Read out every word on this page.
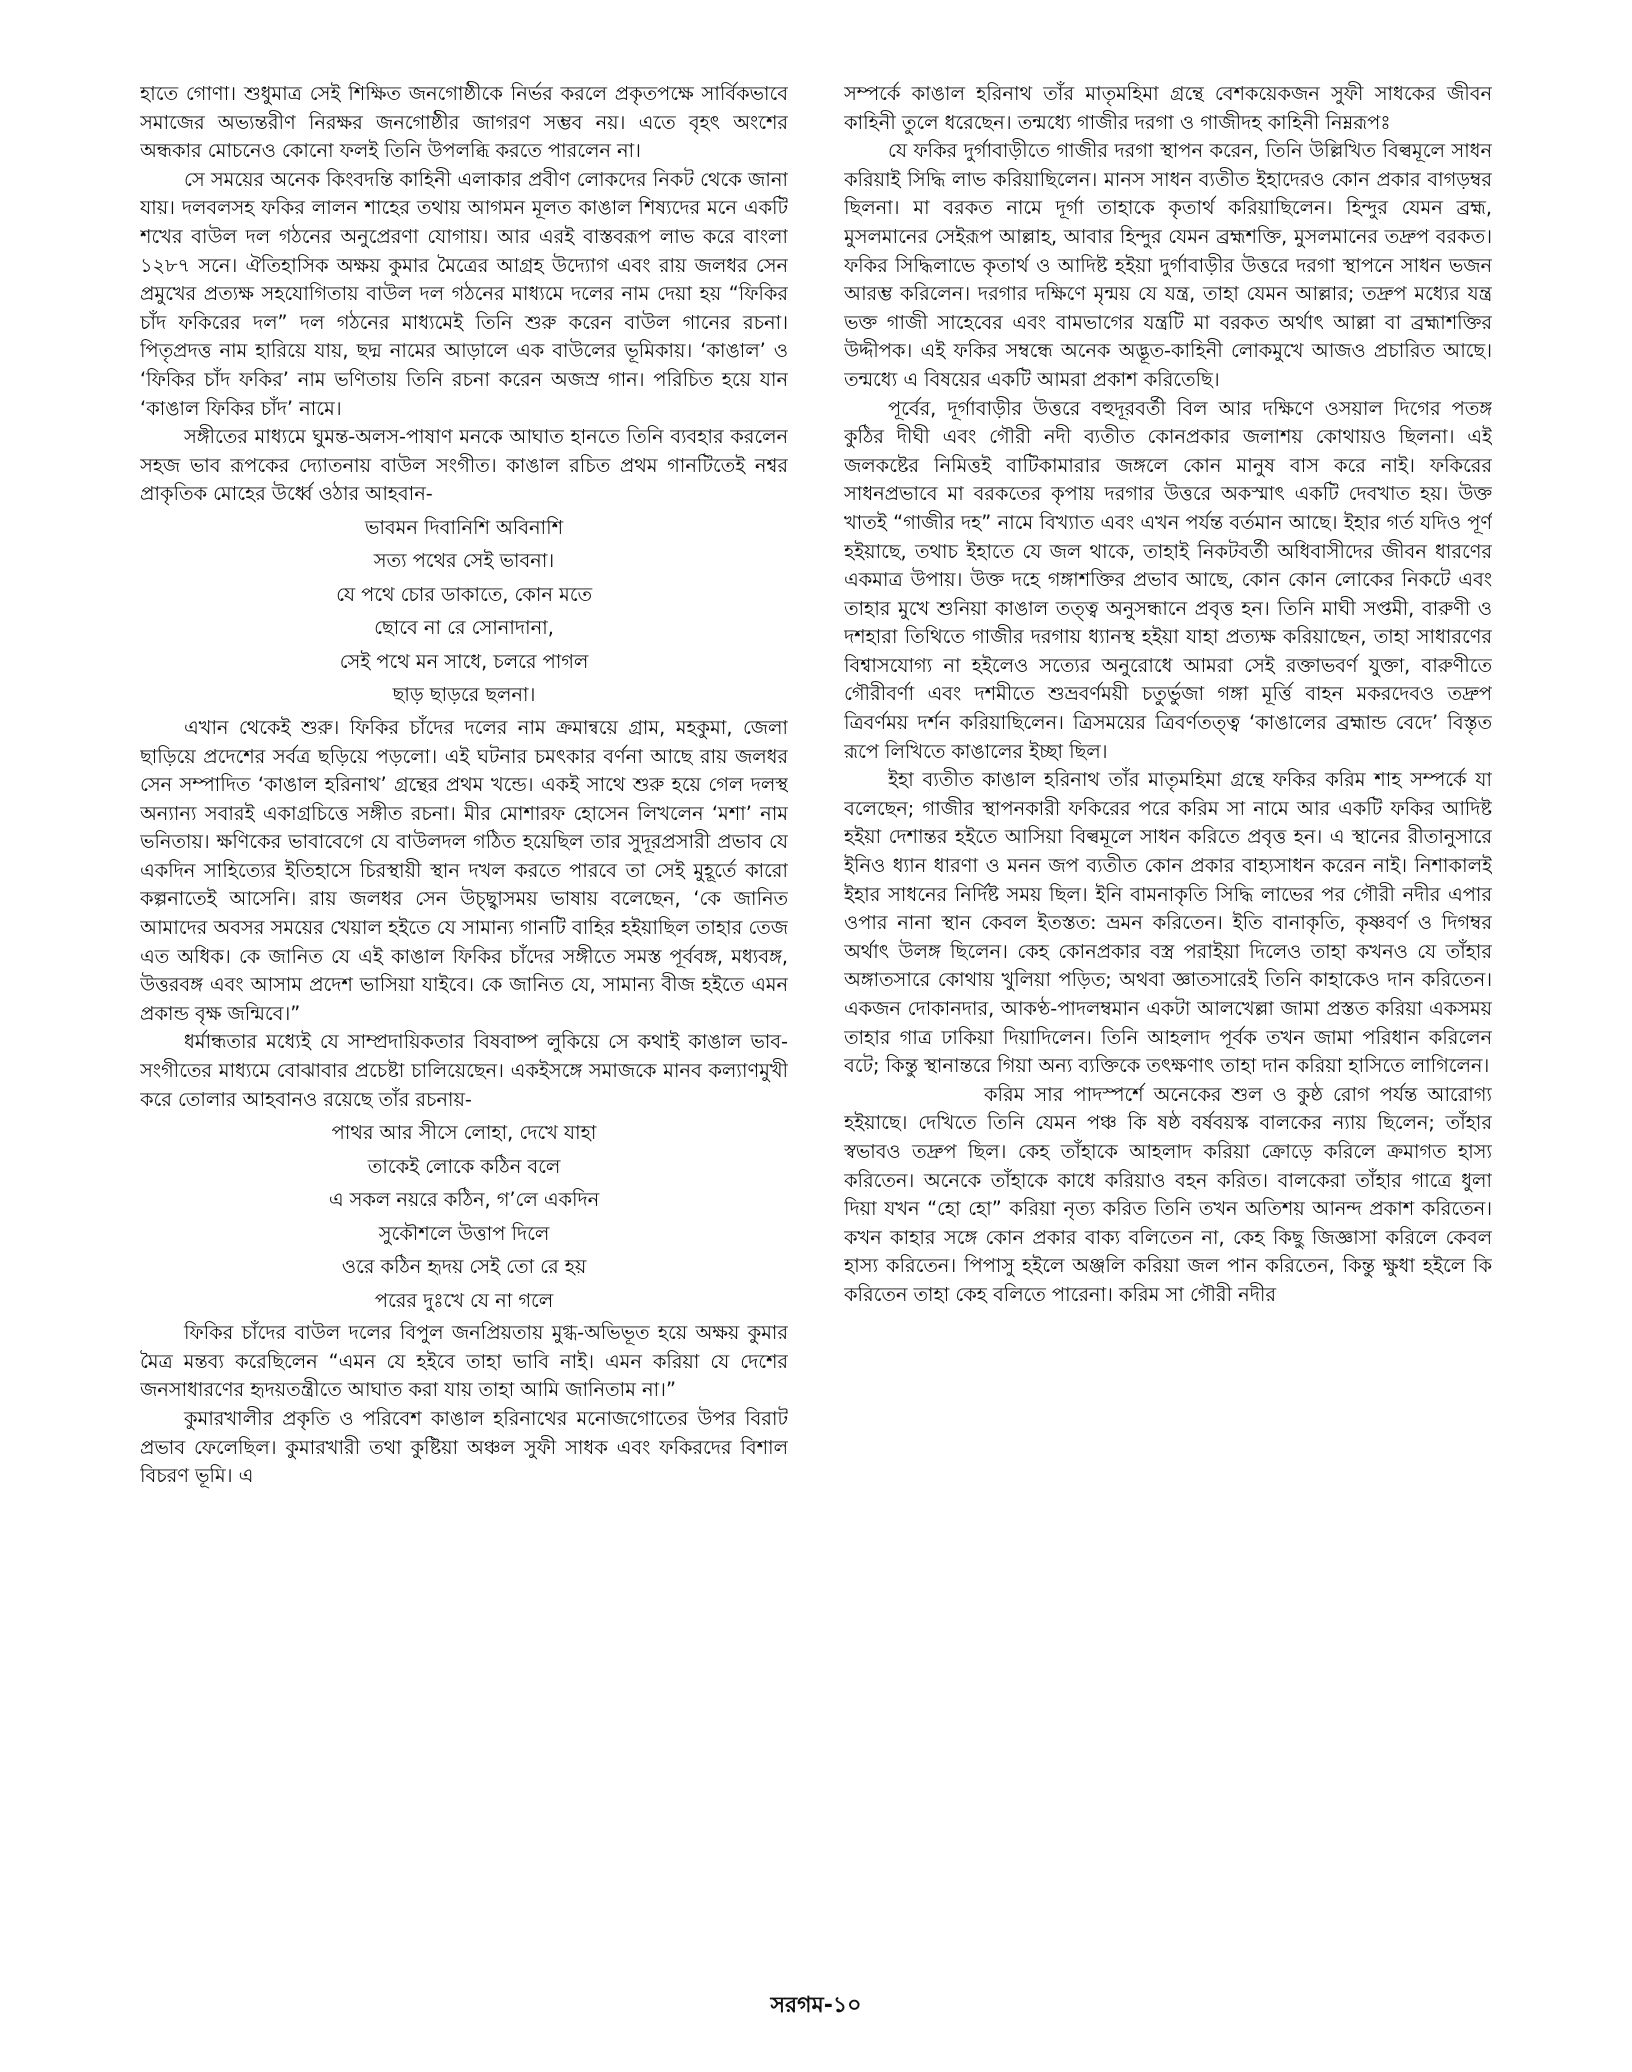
হাতে গোণা। শুধুমাত্র সেই শিক্ষিত জনগোষ্ঠীকে নির্ভর করলে প্রকৃতপক্ষে সার্বিকভাবে সমাজের অভ্যন্তরীণ নিরক্ষর জনগোষ্ঠীর জাগরণ সম্ভব নয়। এতে বৃহৎ অংশের অন্ধকার মোচনেও কোনো ফলই তিনি উপলব্ধি করতে পারলেন না।

সে সময়ের অনেক কিংবদন্তি কাহিনী এলাকার প্রবীণ লোকদের নিকট থেকে জানা যায়। দলবলসহ ফকির লালন শাহের তথায় আগমন মূলত কাঙাল শিষ্যদের মনে একটি শখের বাউল দল গঠনের অনুপ্রেরণা যোগায়। আর এরই বাস্তবরূপ লাভ করে বাংলা ১২৮৭ সনে। ঐতিহাসিক অক্ষয় কুমার মৈত্রের আগ্রহ উদ্যোগ এবং রায় জলধর সেন প্রমুখের প্রত্যক্ষ সহযোগিতায় বাউল দল গঠনের মাধ্যমে দলের নাম দেয়া হয় “ফিকির চাঁদ ফকিরের দল” দল গঠনের মাধ্যমেই তিনি শুরু করেন বাউল গানের রচনা। পিতৃপ্রদত্ত নাম হারিয়ে যায়, ছদ্ম নামের আড়ালে এক বাউলের ভূমিকায়। ‘কাঙাল’ ও ‘ফিকির চাঁদ ফকির’ নাম ভণিতায় তিনি রচনা করেন অজস্র গান। পরিচিত হয়ে যান ‘কাঙাল ফিকির চাঁদ’ নামে।

সঙ্গীতের মাধ্যমে ঘুমন্ত-অলস-পাষাণ মনকে আঘাত হানতে তিনি ব্যবহার করলেন সহজ ভাব রূপকের দ্যোতনায় বাউল সংগীত। কাঙাল রচিত প্রথম গানটিতেই নশ্বর প্রাকৃতিক মোহের উর্ধ্বে ওঠার আহবান-

ভাবমন দিবানিশি অবিনাশি

সত্য পথের সেই ভাবনা।

যে পথে চোর ডাকাতে, কোন মতে

ছোবে না রে সোনাদানা,

সেই পথে মন সাধে, চলরে পাগল

ছাড় ছাড়রে ছলনা।

এখান থেকেই শুরু। ফিকির চাঁদের দলের নাম ক্রমান্বয়ে গ্রাম, মহকুমা, জেলা ছাড়িয়ে প্রদেশের সর্বত্র ছড়িয়ে পড়লো। এই ঘটনার চমৎকার বর্ণনা আছে রায় জলধর সেন সম্পাদিত ‘কাঙাল হরিনাথ’ গ্রন্থের প্রথম খন্ডে। একই সাথে শুরু হয়ে গেল দলস্থ অন্যান্য সবারই একাগ্রচিত্তে সঙ্গীত রচনা। মীর মোশারফ হোসেন লিখলেন ‘মশা’ নাম ভনিতায়। ক্ষণিকের ভাবাবেগে যে বাউলদল গঠিত হয়েছিল তার সুদূরপ্রসারী প্রভাব যে একদিন সাহিত্যের ইতিহাসে চিরস্থায়ী স্থান দখল করতে পারবে তা সেই মুহূর্তে কারো কল্পনাতেই আসেনি। রায় জলধর সেন উচ্ছ্বাসময় ভাষায় বলেছেন, ‘কে জানিত আমাদের অবসর সময়ের খেয়াল হইতে যে সামান্য গানটি বাহির হইয়াছিল তাহার তেজ এত অধিক। কে জানিত যে এই কাঙাল ফিকির চাঁদের সঙ্গীতে সমস্ত পূর্ববঙ্গ, মধ্যবঙ্গ, উত্তরবঙ্গ এবং আসাম প্রদেশ ভাসিয়া যাইবে। কে জানিত যে, সামান্য বীজ হইতে এমন প্রকান্ড বৃক্ষ জন্মিবে।”

ধর্মান্ধতার মধ্যেই যে সাম্প্রদায়িকতার বিষবাষ্প লুকিয়ে সে কথাই কাঙাল ভাব-সংগীতের মাধ্যমে বোঝাবার প্রচেষ্টা চালিয়েছেন। একইসঙ্গে সমাজকে মানব কল্যাণমুখী করে তোলার আহবানও রয়েছে তাঁর রচনায়-

পাথর আর সীসে লোহা, দেখে যাহা

তাকেই লোকে কঠিন বলে

এ সকল নয়রে কঠিন, গ’লে একদিন

সুকৌশলে উত্তাপ দিলে

ওরে কঠিন হৃদয় সেই তো রে হয়

পরের দুঃখে যে না গলে

ফিকির চাঁদের বাউল দলের বিপুল জনপ্রিয়তায় মুগ্ধ-অভিভূত হয়ে অক্ষয় কুমার মৈত্র মন্তব্য করেছিলেন “এমন যে হইবে তাহা ভাবি নাই। এমন করিয়া যে দেশের জনসাধারণের হৃদয়তন্ত্রীতে আঘাত করা যায় তাহা আমি জানিতাম না।”

কুমারখালীর প্রকৃতি ও পরিবেশ কাঙাল হরিনাথের মনোজগোতের উপর বিরাট প্রভাব ফেলেছিল। কুমারখারী তথা কুষ্টিয়া অঞ্চল সুফী সাধক এবং ফকিরদের বিশাল বিচরণ ভূমি। এ

সম্পর্কে কাঙাল হরিনাথ তাঁর মাতৃমহিমা গ্রন্থে বেশকয়েকজন সুফী সাধকের জীবন কাহিনী তুলে ধরেছেন। তন্মধ্যে গাজীর দরগা ও গাজীদহ কাহিনী নিম্নরূপঃ

যে ফকির দুর্গাবাড়ীতে গাজীর দরগা স্থাপন করেন, তিনি উল্লিখিত বিল্বমূলে সাধন করিয়াই সিদ্ধি লাভ করিয়াছিলেন। মানস সাধন ব্যতীত ইহাদেরও কোন প্রকার বাগড়ম্বর ছিলনা। মা বরকত নামে দূর্গা তাহাকে কৃতার্থ করিয়াছিলেন। হিন্দুর যেমন ব্রহ্ম, মুসলমানের সেইরূপ আল্লাহ, আবার হিন্দুর যেমন ব্রহ্মশক্তি, মুসলমানের তদ্রুপ বরকত। ফকির সিদ্ধিলাভে কৃতার্থ ও আদিষ্ট হইয়া দুর্গাবাড়ীর উত্তরে দরগা স্থাপনে সাধন ভজন আরম্ভ করিলেন। দরগার দক্ষিণে মৃন্ময় যে যন্ত্র, তাহা যেমন আল্লার; তদ্রুপ মধ্যের যন্ত্র ভক্ত গাজী সাহেবের এবং বামভাগের যন্ত্রটি মা বরকত অর্থাৎ আল্লা বা ব্রহ্মাশক্তির উদ্দীপক। এই ফকির সম্বন্ধে অনেক অদ্ভূত-কাহিনী লোকমুখে আজও প্রচারিত আছে। তন্মধ্যে এ বিষয়ের একটি আমরা প্রকাশ করিতেছি।

পূর্বের, দূর্গাবাড়ীর উত্তরে বহুদূরবর্তী বিল আর দক্ষিণে ওসয়াল দিগের পতঙ্গ কুঠির দীঘী এবং গৌরী নদী ব্যতীত কোনপ্রকার জলাশয় কোথায়ও ছিলনা। এই জলকষ্টের নিমিত্তই বাটিকামারার জঙ্গলে কোন মানুষ বাস করে নাই। ফকিরের সাধনপ্রভাবে মা বরকতের কৃপায় দরগার উত্তরে অকস্মাৎ একটি দেবখাত হয়। উক্ত খাতই “গাজীর দহ” নামে বিখ্যাত এবং এখন পর্যন্ত বর্তমান আছে। ইহার গর্ত যদিও পূর্ণ হইয়াছে, তথাচ ইহাতে যে জল থাকে, তাহাই নিকটবর্তী অধিবাসীদের জীবন ধারণের একমাত্র উপায়। উক্ত দহে গঙ্গাশক্তির প্রভাব আছে, কোন কোন লোকের নিকটে এবং তাহার মুখে শুনিয়া কাঙাল তত্ত্ব অনুসন্ধানে প্রবৃত্ত হন। তিনি মাঘী সপ্তমী, বারুণী ও দশহারা তিথিতে গাজীর দরগায় ধ্যানস্থ হইয়া যাহা প্রত্যক্ষ করিয়াছেন, তাহা সাধারণের বিশ্বাসযোগ্য না হইলেও সত্যের অনুরোধে আমরা সেই রক্তাভবর্ণ যুক্তা, বারুণীতে গৌরীবর্ণা এবং দশমীতে শুভ্রবর্ণময়ী চতুর্ভুজা গঙ্গা মূর্ত্তি বাহন মকরদেবও তদ্রুপ ত্রিবর্ণময় দর্শন করিয়াছিলেন। ত্রিসময়ের ত্রিবর্ণতত্ত্ব ‘কাঙালের ব্রহ্মান্ড বেদে’ বিস্তৃত রূপে লিখিতে কাঙালের ইচ্ছা ছিল।

ইহা ব্যতীত কাঙাল হরিনাথ তাঁর মাতৃমহিমা গ্রন্থে ফকির করিম শাহ সম্পর্কে যা বলেছেন; গাজীর স্থাপনকারী ফকিরের পরে করিম সা নামে আর একটি ফকির আদিষ্ট হইয়া দেশান্তর হইতে আসিয়া বিল্বমূলে সাধন করিতে প্রবৃত্ত হন। এ স্থানের রীতানুসারে ইনিও ধ্যান ধারণা ও মনন জপ ব্যতীত কোন প্রকার বাহ্যসাধন করেন নাই। নিশাকালই ইহার সাধনের নির্দিষ্ট সময় ছিল। ইনি বামনাকৃতি সিদ্ধি লাভের পর গৌরী নদীর এপার ওপার নানা স্থান কেবল ইতস্তত: ভ্রমন করিতেন। ইতি বানাকৃতি, কৃষ্ণবর্ণ ও দিগম্বর অর্থাৎ উলঙ্গ ছিলেন। কেহ কোনপ্রকার বস্ত্র পরাইয়া দিলেও তাহা কখনও যে তাঁহার অঙ্গাতসারে কোথায় খুলিয়া পড়িত; অথবা জ্ঞাতসারেই তিনি কাহাকেও দান করিতেন। একজন দোকানদার, আকণ্ঠ-পাদলম্বমান একটা আলখেল্লা জামা প্রস্তত করিয়া একসময় তাহার গাত্র ঢাকিয়া দিয়াদিলেন। তিনি আহলাদ পূর্বক তখন জামা পরিধান করিলেন বটে; কিন্তু স্থানান্তরে গিয়া অন্য ব্যক্তিকে তৎক্ষণাৎ তাহা দান করিয়া হাসিতে লাগিলেন।

করিম সার পাদস্পর্শে অনেকের শুল ও কুষ্ঠ রোগ পর্যন্ত আরোগ্য হইয়াছে। দেখিতে তিনি যেমন পঞ্চ কি ষষ্ঠ বর্ষবয়স্ক বালকের ন্যায় ছিলেন; তাঁহার স্বভাবও তদ্রুপ ছিল। কেহ তাঁহাকে আহলাদ করিয়া ক্রোড়ে করিলে ক্রমাগত হাস্য করিতেন। অনেকে তাঁহাকে কাধে করিয়াও বহন করিত। বালকেরা তাঁহার গাত্রে ধুলা দিয়া যখন “হো হো” করিয়া নৃত্য করিত তিনি তখন অতিশয় আনন্দ প্রকাশ করিতেন। কখন কাহার সঙ্গে কোন প্রকার বাক্য বলিতেন না, কেহ কিছু জিজ্ঞাসা করিলে কেবল হাস্য করিতেন। পিপাসু হইলে অঞ্জলি করিয়া জল পান করিতেন, কিন্তু ক্ষুধা হইলে কি করিতেন তাহা কেহ বলিতে পারেনা। করিম সা গৌরী নদীর

সরগম-১০
